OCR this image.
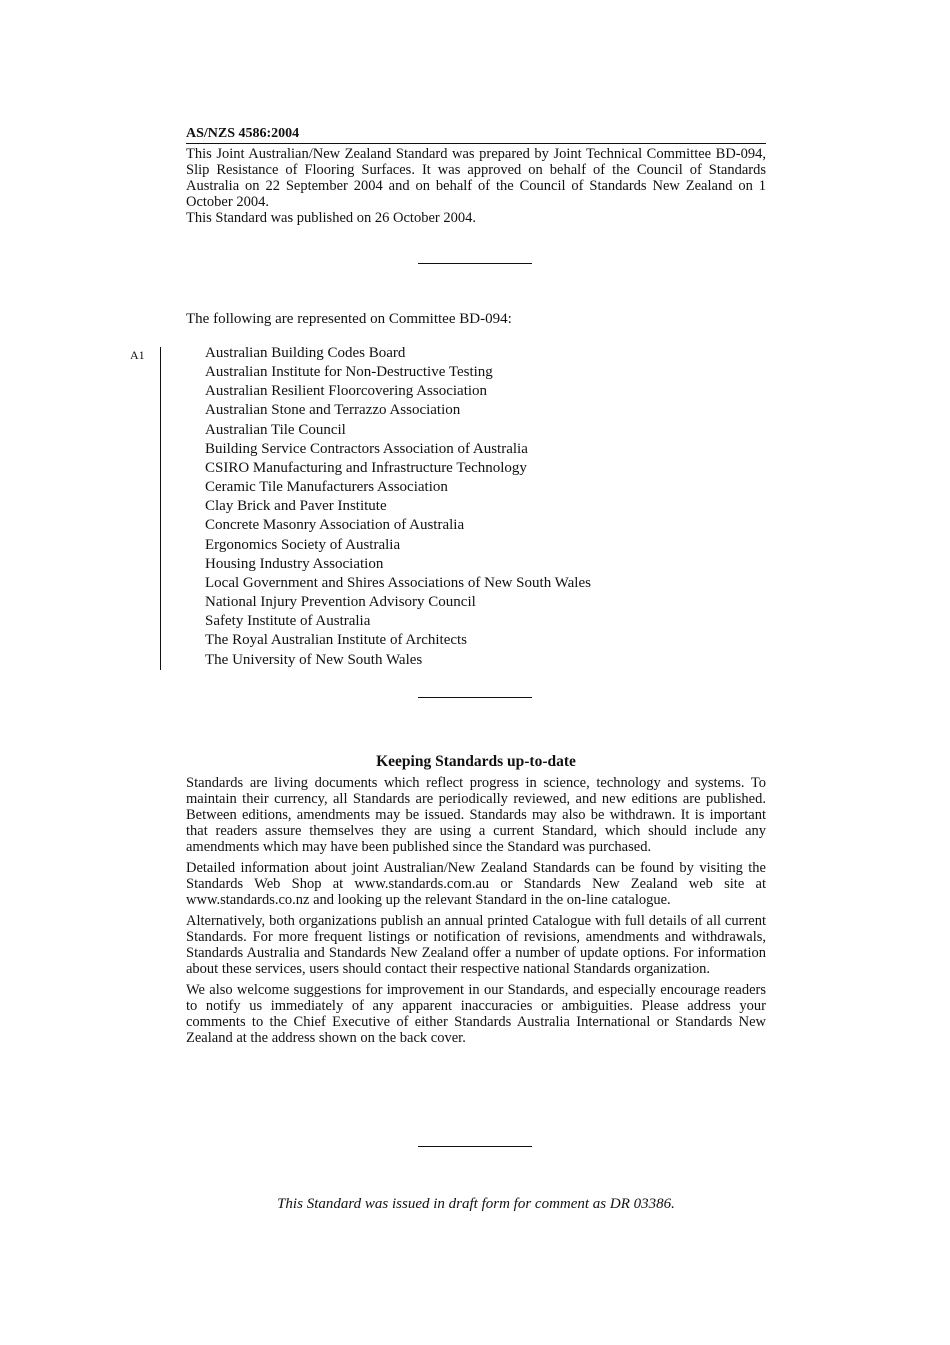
AS/NZS 4586:2004

This Joint Australian/New Zealand Standard was prepared by Joint Technical Committee BD-094, Slip Resistance of Flooring Surfaces. It was approved on behalf of the Council of Standards Australia on 22 September 2004 and on behalf of the Council of Standards New Zealand on 1 October 2004.

This Standard was published on 26 October 2004.

The following are represented on Committee BD-094:
A1	Australian Building Codes Board
Australian Institute for Non-Destructive Testing
Australian Resilient Floorcovering Association
Australian Stone and Terrazzo Association
Australian Tile Council
Building Service Contractors Association of Australia
CSIRO Manufacturing and Infrastructure Technology
Ceramic Tile Manufacturers Association
Clay Brick and Paver Institute
Concrete Masonry Association of Australia
Ergonomics Society of Australia
Housing Industry Association
Local Government and Shires Associations of New South Wales
National Injury Prevention Advisory Council
Safety Institute of Australia
The Royal Australian Institute of Architects
The University of New South Wales
Keeping Standards up-to-date

Standards are living documents which reflect progress in science, technology and systems. To maintain their currency, all Standards are periodically reviewed, and new editions are published. Between editions, amendments may be issued. Standards may also be withdrawn. It is important that readers assure themselves they are using a current Standard, which should include any amendments which may have been published since the Standard was purchased.

Detailed information about joint Australian/New Zealand Standards can be found by visiting the Standards Web Shop at www.standards.com.au or Standards New Zealand web site at www.standards.co.nz and looking up the relevant Standard in the on-line catalogue.

Alternatively, both organizations publish an annual printed Catalogue with full details of all current Standards. For more frequent listings or notification of revisions, amendments and withdrawals, Standards Australia and Standards New Zealand offer a number of update options. For information about these services, users should contact their respective national Standards organization.

We also welcome suggestions for improvement in our Standards, and especially encourage readers to notify us immediately of any apparent inaccuracies or ambiguities. Please address your comments to the Chief Executive of either Standards Australia International or Standards New Zealand at the address shown on the back cover.

This Standard was issued in draft form for comment as DR 03386.
